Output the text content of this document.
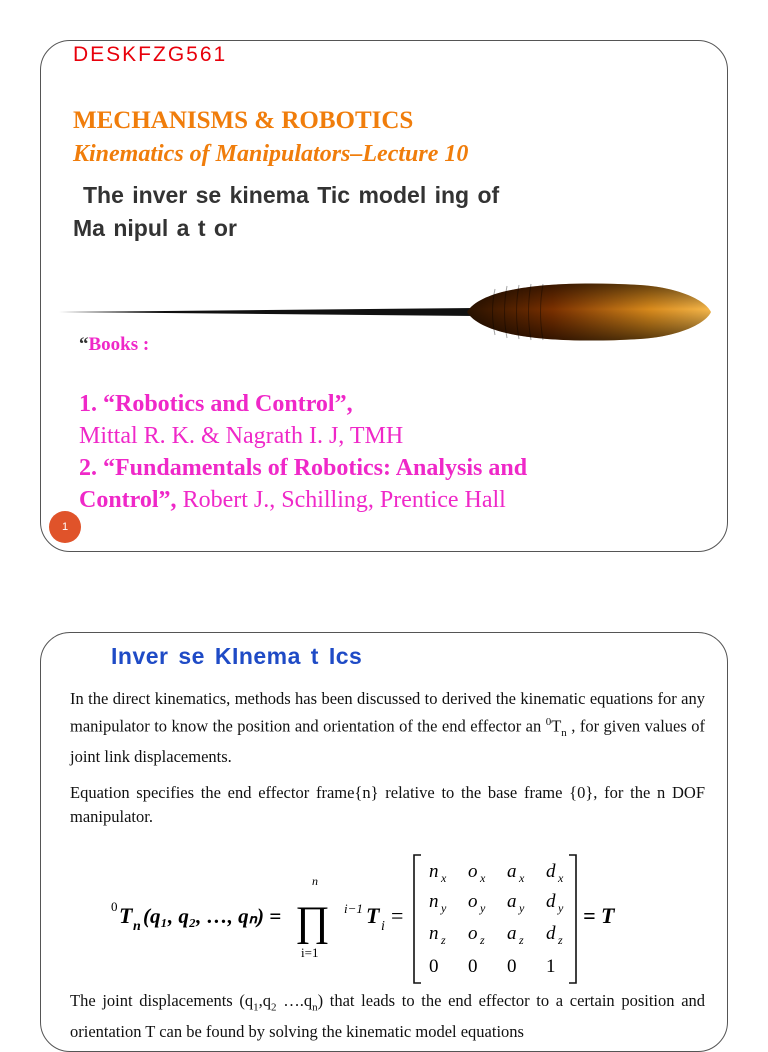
DESKFZG561
MECHANISMS & ROBOTICS
Kinematics of Manipulators–Lecture 10
The inver se kinema Tic model ing of
Ma nipul a t or
“Books :
1. “Robotics and Control”,
Mittal R. K. & Nagrath I. J, TMH
2. “Fundamentals of Robotics: Analysis and
Control”, Robert J., Schilling, Prentice Hall
1
Inver se KInema t Ics
In the direct kinematics, methods has been discussed to derived the kinematic equations for any manipulator to know the position and orientation of the end effector an $^0T_n$ , for given values of joint link displacements.
Equation specifies the end effector frame{n} relative to the base frame {0}, for the n DOF manipulator.
0 T n (q₁, q₂, …, qₙ) =
n
∏
i=1
i−1 T i =
n x o x a x d x
n y o y a y d y
n z o z a z d z
0 0 0 1
= T
The joint displacements ($q_1,q_2$ $\dots.q_n$) that leads to the end effector to a certain position and orientation T can be found by solving the kinematic model equations
